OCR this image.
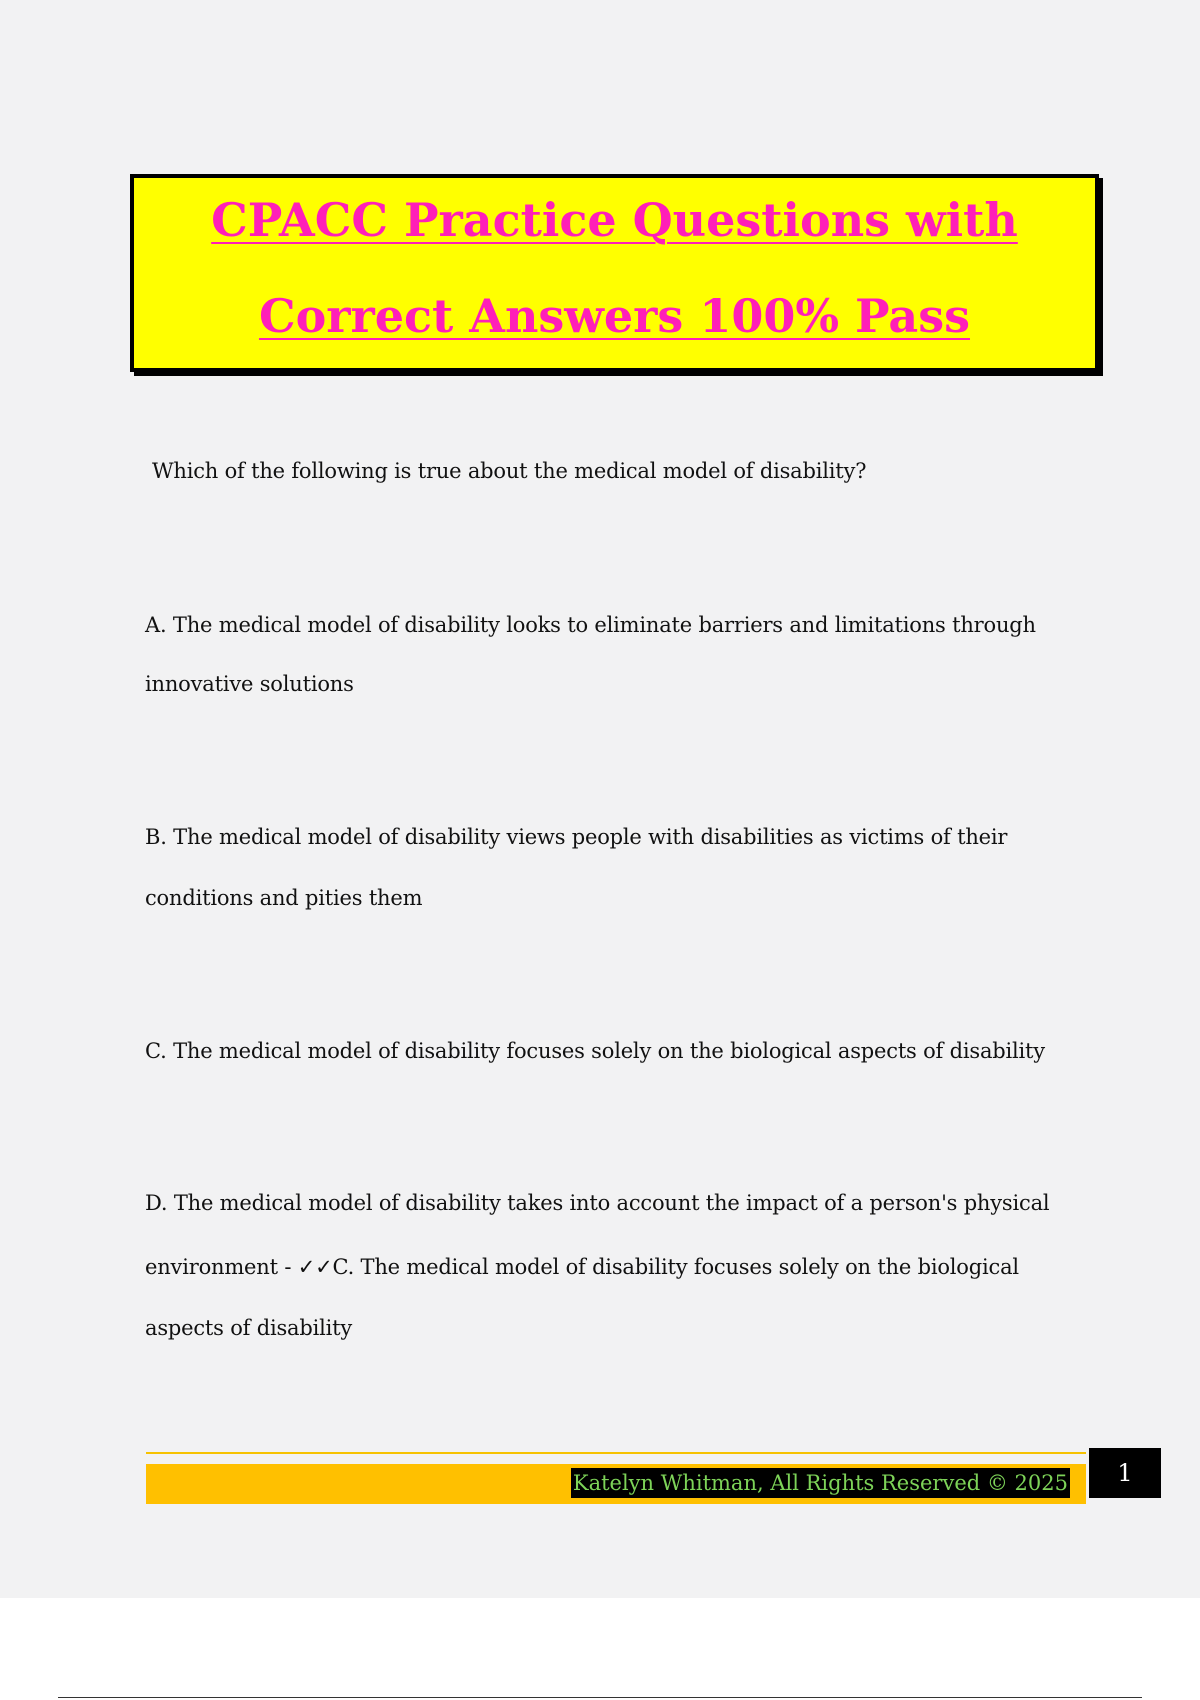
CPACC Practice Questions with
Correct Answers 100% Pass
Which of the following is true about the medical model of disability?
A. The medical model of disability looks to eliminate barriers and limitations through
innovative solutions
B. The medical model of disability views people with disabilities as victims of their
conditions and pities them
C. The medical model of disability focuses solely on the biological aspects of disability
D. The medical model of disability takes into account the impact of a person's physical
environment - ✓✓C. The medical model of disability focuses solely on the biological
aspects of disability
Katelyn Whitman, All Rights Reserved © 2025	1
